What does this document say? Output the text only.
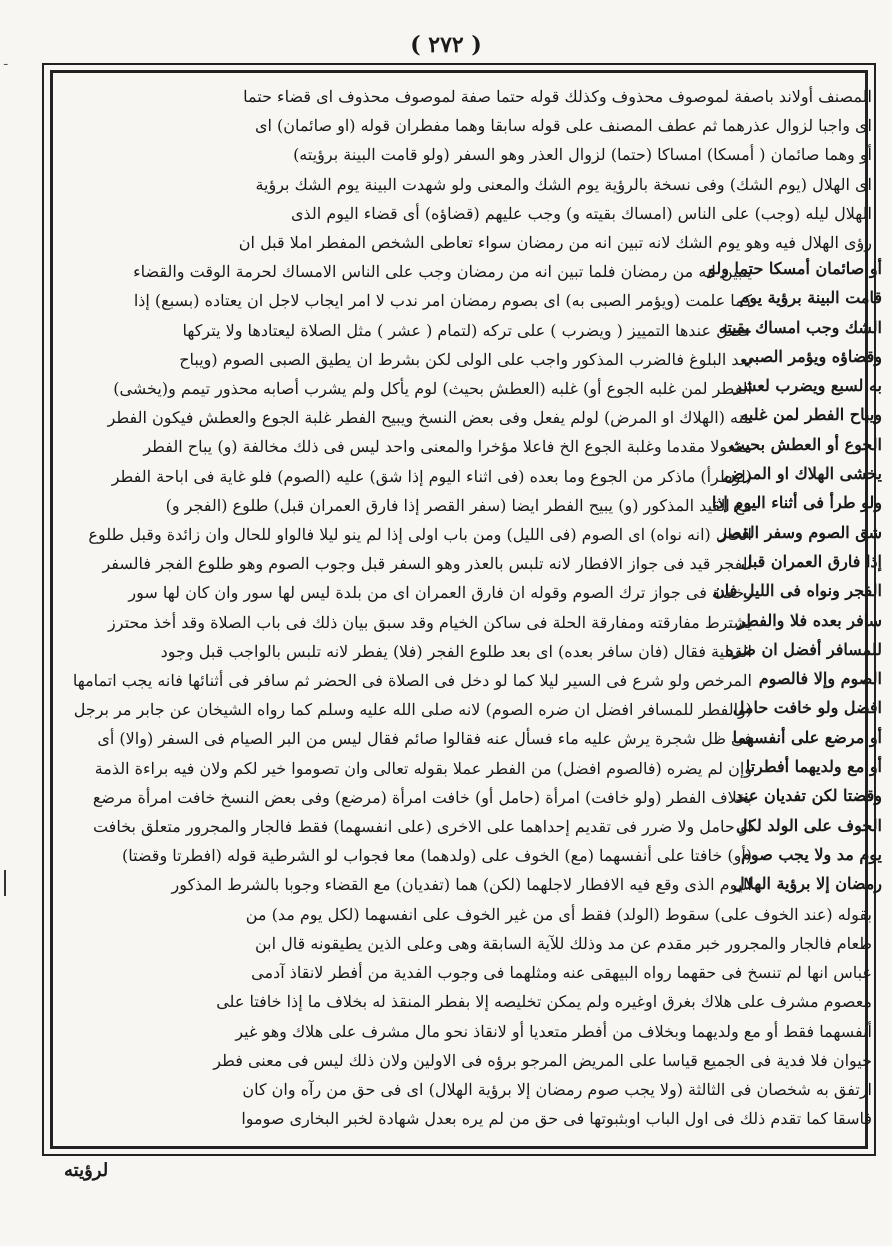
( ٢٧٢ )
ـ
المصنف أولاند باصفة لموصوف محذوف وكذلك قوله حتما صفة لموصوف محذوف اى قضاء حتما
اى واجبا لزوال عذرهما ثم عطف المصنف على قوله سابقا وهما مفطران قوله (او صائمان) اى
أو وهما صائمان ( أمسكا) امساكا (حتما) لزوال العذر وهو السفر (ولو قامت البينة برؤيته)
اى الهلال (يوم الشك) وفى نسخة بالرؤية يوم الشك والمعنى ولو شهدت البينة يوم الشك برؤية
الهلال ليله (وجب) على الناس (امساك بقيته و) وجب عليهم (قضاؤه) أى قضاء اليوم الذى
رؤى الهلال فيه وهو يوم الشك لانه تبين انه من رمضان سواء تعاطى الشخص المفطر املا قبل ان
يتبين انه من رمضان فلما تبين انه من رمضان وجب على الناس الامساك لحرمة الوقت والقضاء
كما علمت (ويؤمر الصبى به) اى بصوم رمضان امر ندب لا امر ايجاب لاجل ان يعتاده (بسبع) إذا
حصل عندها التمييز ( ويضرب ) على تركه (لتمام ( عشر ) مثل الصلاة ليعتادها ولا يتركها
بعد البلوغ فالضرب المذكور واجب على الولى لكن بشرط ان يطيق الصبى الصوم (ويباح
الفطر لمن غلبه الجوع أو) غلبه (العطش بحيث) لوم يأكل ولم يشرب أصابه محذور تيمم و(يخشى)
منه (الهلاك او المرض) لولم يفعل وفى بعض النسخ ويبيح الفطر غلبة الجوع والعطش فيكون الفطر
مفعولا مقدما وغلبة الجوع الخ فاعلا مؤخرا والمعنى واحد ليس فى ذلك مخالفة (و) يباح الفطر
(لوطرأ) ماذكر من الجوع وما بعده (فى اثناء اليوم إذا شق) عليه (الصوم) فلو غاية فى اباحة الفطر
مع القيد المذكور (و) يبيح الفطر ايضا (سفر القصر إذا فارق العمران قبل) طلوع (الفجر و)
الحال (انه نواه) اى الصوم (فى الليل) ومن باب اولى إذا لم ينو ليلا فالواو للحال وان زائدة وقبل طلوع
الفجر قيد فى جواز الافطار لانه تلبس بالعذر وهو السفر قبل وجوب الصوم وهو طلوع الفجر فالسفر
رخصة فى جواز ترك الصوم وقوله ان فارق العمران اى من بلدة ليس لها سور وان كان لها سور
يشترط مفارقته ومفارقة الحلة فى ساكن الخيام وقد سبق بيان ذلك فى باب الصلاة وقد أخذ محترز
القبلية فقال (فان سافر بعده) اى بعد طلوع الفجر (فلا) يفطر لانه تلبس بالواجب قبل وجود
المرخص ولو شرع فى السير ليلا كما لو دخل فى الصلاة فى الحضر ثم سافر فى أثنائها فانه يجب اتمامها
(والفطر للمسافر افضل ان ضره الصوم) لانه صلى الله عليه وسلم كما رواه الشيخان عن جابر مر برجل
فى ظل شجرة يرش عليه ماء فسأل عنه فقالوا صائم فقال ليس من البر الصيام فى السفر (والا) أى
وإن لم يضره (فالصوم افضل) من الفطر عملا بقوله تعالى وان تصوموا خير لكم ولان فيه براءة الذمة
بخلاف الفطر (ولو خافت) امرأة (حامل أو) خافت امرأة (مرضع) وفى بعض النسخ خافت امرأة مرضع
او حامل ولا ضرر فى تقديم إحداهما على الاخرى (على انفسهما) فقط فالجار والمجرور متعلق بخافت
(أو) خافتا على أنفسهما (مع) الخوف على (ولدهما) معا فجواب لو الشرطية قوله (افطرتا وقضتا)
اليوم الذى وقع فيه الافطار لاجلهما (لكن) هما (تفديان) مع القضاء وجوبا بالشرط المذكور
بقوله (عند الخوف على) سقوط (الولد) فقط أى من غير الخوف على انفسهما (لكل يوم مد) من
طعام فالجار والمجرور خبر مقدم عن مد وذلك للآية السابقة وهى وعلى الذين يطيقونه قال ابن
عباس انها لم تنسخ فى حقهما رواه البيهقى عنه ومثلهما فى وجوب الفدية من أفطر لانقاذ آدمى
معصوم مشرف على هلاك بغرق اوغيره ولم يمكن تخليصه إلا بفطر المنقذ له بخلاف ما إذا خافتا على
أنفسهما فقط أو مع ولديهما وبخلاف من أفطر متعديا أو لانقاذ نحو مال مشرف على هلاك وهو غير
حيوان فلا فدية فى الجميع قياسا على المريض المرجو برؤه فى الاولين ولان ذلك ليس فى معنى فطر
ارتفق به شخصان فى الثالثة (ولا يجب صوم رمضان إلا برؤية الهلال) اى فى حق من رآه وان كان
فاسقا كما تقدم ذلك فى اول الباب اوبثبوتها فى حق من لم يره بعدل شهادة لخبر البخارى صوموا
أو صائمان أمسكا حتما ولو
قامت البينة برؤية يوم
الشك وجب امساك بقيته
وقضاؤه ويؤمر الصبي
به لسبع ويضرب لعشر
ويباح الفطر لمن غلبه
الجوع أو العطش بحيث
يخشى الهلاك او المرض
ولو طرأ فى أثناء اليوم إذا
شق الصوم وسفر القصر
إذا فارق العمران قبل
الفجر ونواه فى الليل فان
سافر بعده فلا والفطر
للمسافر أفضل ان ضره
الصوم وإلا فالصوم
افضل ولو خافت حامل
أو مرضع على أنفسهما
أو مع ولديهما أفطرتا
وقضتا لكن تفديان عند
الخوف على الولد لكل
يوم مد ولا يجب صوم
رمضان إلا برؤية الهلال
لرؤيته
